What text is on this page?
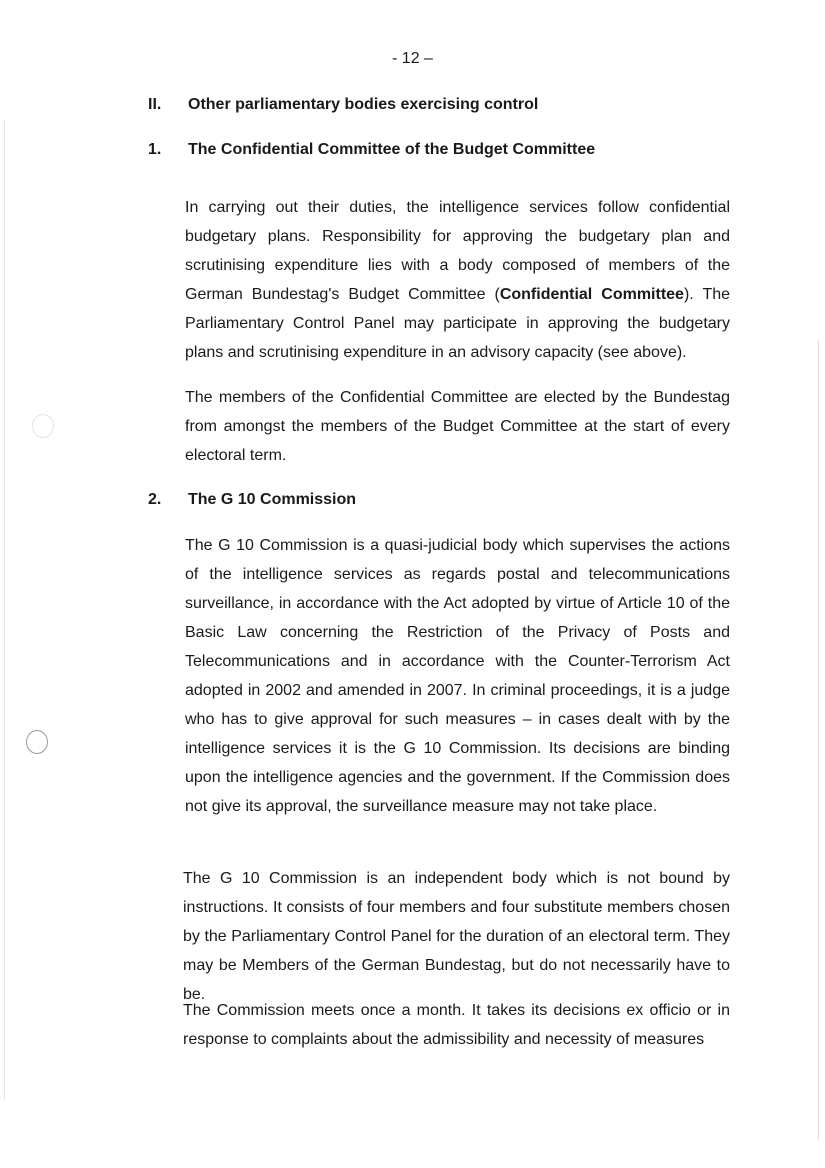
- 12 –
II.	Other parliamentary bodies exercising control
1.	The Confidential Committee of the Budget Committee

In carrying out their duties, the intelligence services follow confidential budgetary plans. Responsibility for approving the budgetary plan and scrutinising expenditure lies with a body composed of members of the German Bundestag's Budget Committee (Confidential Committee). The Parliamentary Control Panel may participate in approving the budgetary plans and scrutinising expenditure in an advisory capacity (see above).

The members of the Confidential Committee are elected by the Bundestag from amongst the members of the Budget Committee at the start of every electoral term.

2.	The G 10 Commission

The G 10 Commission is a quasi-judicial body which supervises the actions of the intelligence services as regards postal and telecommunications surveillance, in accordance with the Act adopted by virtue of Article 10 of the Basic Law concerning the Restriction of the Privacy of Posts and Telecommunications and in accordance with the Counter-Terrorism Act adopted in 2002 and amended in 2007. In criminal proceedings, it is a judge who has to give approval for such measures – in cases dealt with by the intelligence services it is the G 10 Commission. Its decisions are binding upon the intelligence agencies and the government. If the Commission does not give its approval, the surveillance measure may not take place.

The G 10 Commission is an independent body which is not bound by instructions. It consists of four members and four substitute members chosen by the Parliamentary Control Panel for the duration of an electoral term. They may be Members of the German Bundestag, but do not necessarily have to be.

The Commission meets once a month. It takes its decisions ex officio or in response to complaints about the admissibility and necessity of measures
